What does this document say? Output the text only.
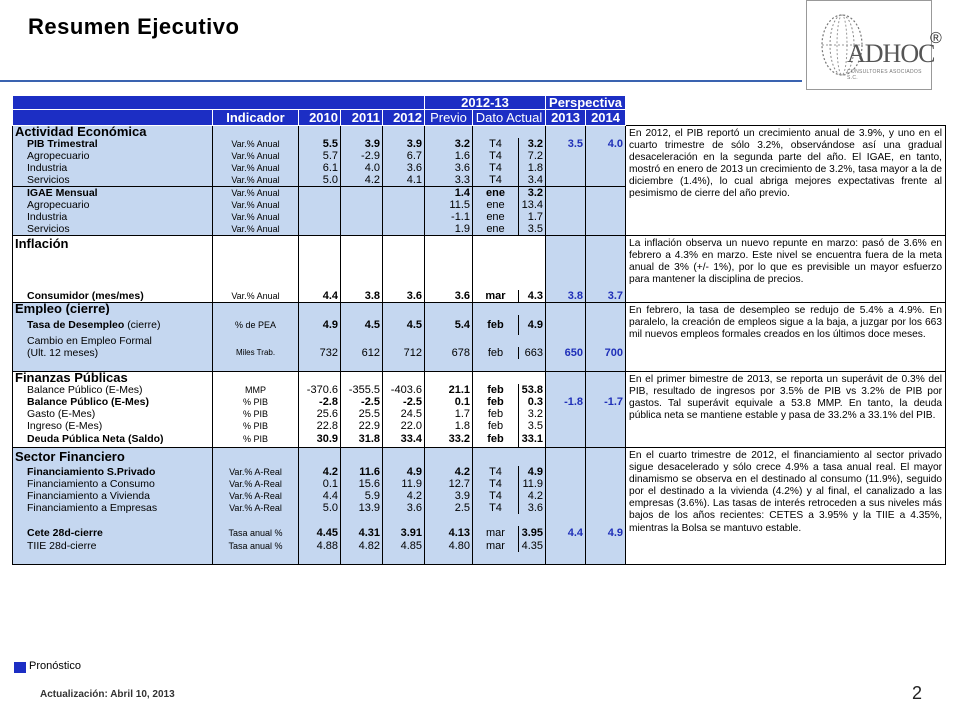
Resumen Ejecutivo
ADHOC
CONSULTORES ASOCIADOS S.C.
®
					2012-13			Perspectiva		
	Indicador	2010	2011	2012	Previo	Dato Actual		2013	2014	
Actividad Económica										En 2012, el PIB reportó un crecimiento anual de 3.9%, y uno en el cuarto trimestre de sólo 3.2%, observándose así una gradual desaceleración en la segunda parte del año. El IGAE, en tanto, mostró en enero de 2013 un crecimiento de 3.2%, tasa mayor a la de diciembre (1.4%), lo cual abriga mejores expectativas frente al pesimismo de cierre del año previo.
PIB Trimestral	Var.% Anual	5.5	3.9	3.9	3.2	T4	3.2	3.5	4.0	
Agropecuario	Var.% Anual	5.7	-2.9	6.7	1.6	T4	7.2			
Industria	Var.% Anual	6.1	4.0	3.6	3.6	T4	1.8			
Servicios	Var.% Anual	5.0	4.2	4.1	3.3	T4	3.4			
IGAE Mensual	Var.% Anual				1.4	ene	3.2			
Agropecuario	Var.% Anual				11.5	ene	13.4			
Industria	Var.% Anual				-1.1	ene	1.7			
Servicios	Var.% Anual				1.9	ene	3.5			
Inflación										La inflación observa un nuevo repunte en marzo: pasó de 3.6% en febrero a 4.3% en marzo. Este nivel se encuentra fuera de la meta anual de 3% (+/- 1%), por lo que es previsible un mayor esfuerzo para mantener la disciplina de precios.
Consumidor (mes/mes)	Var.% Anual	4.4	3.8	3.6	3.6	mar	4.3	3.8	3.7	
Empleo (cierre)										En febrero, la tasa de desempleo se redujo de 5.4% a 4.9%. En paralelo, la creación de empleos sigue a la baja, a juzgar por los 663 mil nuevos empleos formales creados en los últimos doce meses.
Tasa de Desempleo (cierre)	% de PEA	4.9	4.5	4.5	5.4	feb	4.9			
Cambio en Empleo Formal										
(Ult. 12 meses)	Miles Trab.	732	612	712	678	feb	663	650	700	

Finanzas Públicas										En el primer bimestre de 2013, se reporta un superávit de 0.3% del PIB, resultado de ingresos por 3.5% de PIB vs 3.2% de PIB por gastos. Tal superávit equivale a 53.8 MMP. En tanto, la deuda pública neta se mantiene estable y pasa de 33.2% a 33.1% del PIB.
Balance Público (E-Mes)	MMP	-370.6	-355.5	-403.6	21.1	feb	53.8			
Balance Público (E-Mes)	% PIB	-2.8	-2.5	-2.5	0.1	feb	0.3	-1.8	-1.7	
Gasto (E-Mes)	% PIB	25.6	25.5	24.5	1.7	feb	3.2			
Ingreso (E-Mes)	% PIB	22.8	22.9	22.0	1.8	feb	3.5			
Deuda Pública Neta (Saldo)	% PIB	30.9	31.8	33.4	33.2	feb	33.1			
Sector Financiero										En el cuarto trimestre de 2012, el financiamiento al sector privado sigue desacelerado y sólo crece 4.9% a tasa anual real. El mayor dinamismo se observa en el destinado al consumo (11.9%), seguido por el destinado a la vivienda (4.2%) y al final, el canalizado a las empresas (3.6%). Las tasas de interés retroceden a sus niveles más bajos de los años recientes: CETES a 3.95% y la TIIE a 4.35%, mientras la Bolsa se mantuvo estable.
Financiamiento S.Privado	Var.% A-Real	4.2	11.6	4.9	4.2	T4	4.9			
Financiamiento a Consumo	Var.% A-Real	0.1	15.6	11.9	12.7	T4	11.9			
Financiamiento a Vivienda	Var.% A-Real	4.4	5.9	4.2	3.9	T4	4.2			
Financiamiento a Empresas	Var.% A-Real	5.0	13.9	3.6	2.5	T4	3.6			

Cete 28d-cierre	Tasa anual %	4.45	4.31	3.91	4.13	mar	3.95	4.4	4.9	
TIIE 28d-cierre	Tasa anual %	4.88	4.82	4.85	4.80	mar	4.35			

Pronóstico
Actualización: Abril 10, 2013	2
